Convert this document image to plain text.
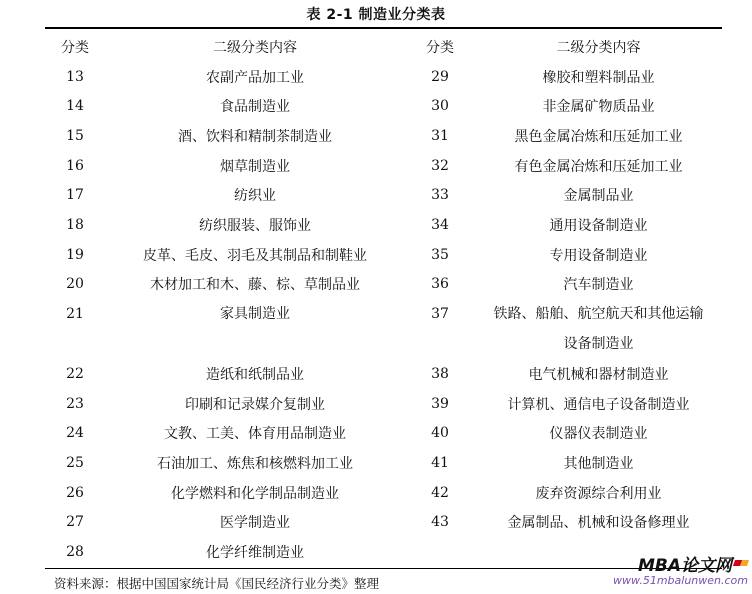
表 2-1 制造业分类表
分类	二级分类内容	分类	二级分类内容
13	农副产品加工业	29	橡胶和塑料制品业
14	食品制造业	30	非金属矿物质品业
15	酒、饮料和精制茶制造业	31	黑色金属冶炼和压延加工业
16	烟草制造业	32	有色金属冶炼和压延加工业
17	纺织业	33	金属制品业
18	纺织服装、服饰业	34	通用设备制造业
19	皮革、毛皮、羽毛及其制品和制鞋业	35	专用设备制造业
20	木材加工和木、藤、棕、草制品业	36	汽车制造业
21	家具制造业	37	铁路、船舶、航空航天和其他运输
设备制造业

22	造纸和纸制品业	38	电气机械和器材制造业
23	印刷和记录媒介复制业	39	计算机、通信电子设备制造业
24	文教、工美、体育用品制造业	40	仪器仪表制造业
25	石油加工、炼焦和核燃料加工业	41	其他制造业
26	化学燃料和化学制品制造业	42	废弃资源综合利用业
27	医学制造业	43	金属制品、机械和设备修理业
28	化学纤维制造业		
资料来源：根据中国国家统计局《国民经济行业分类》整理
MBA论文网
www.51mbalunwen.com
